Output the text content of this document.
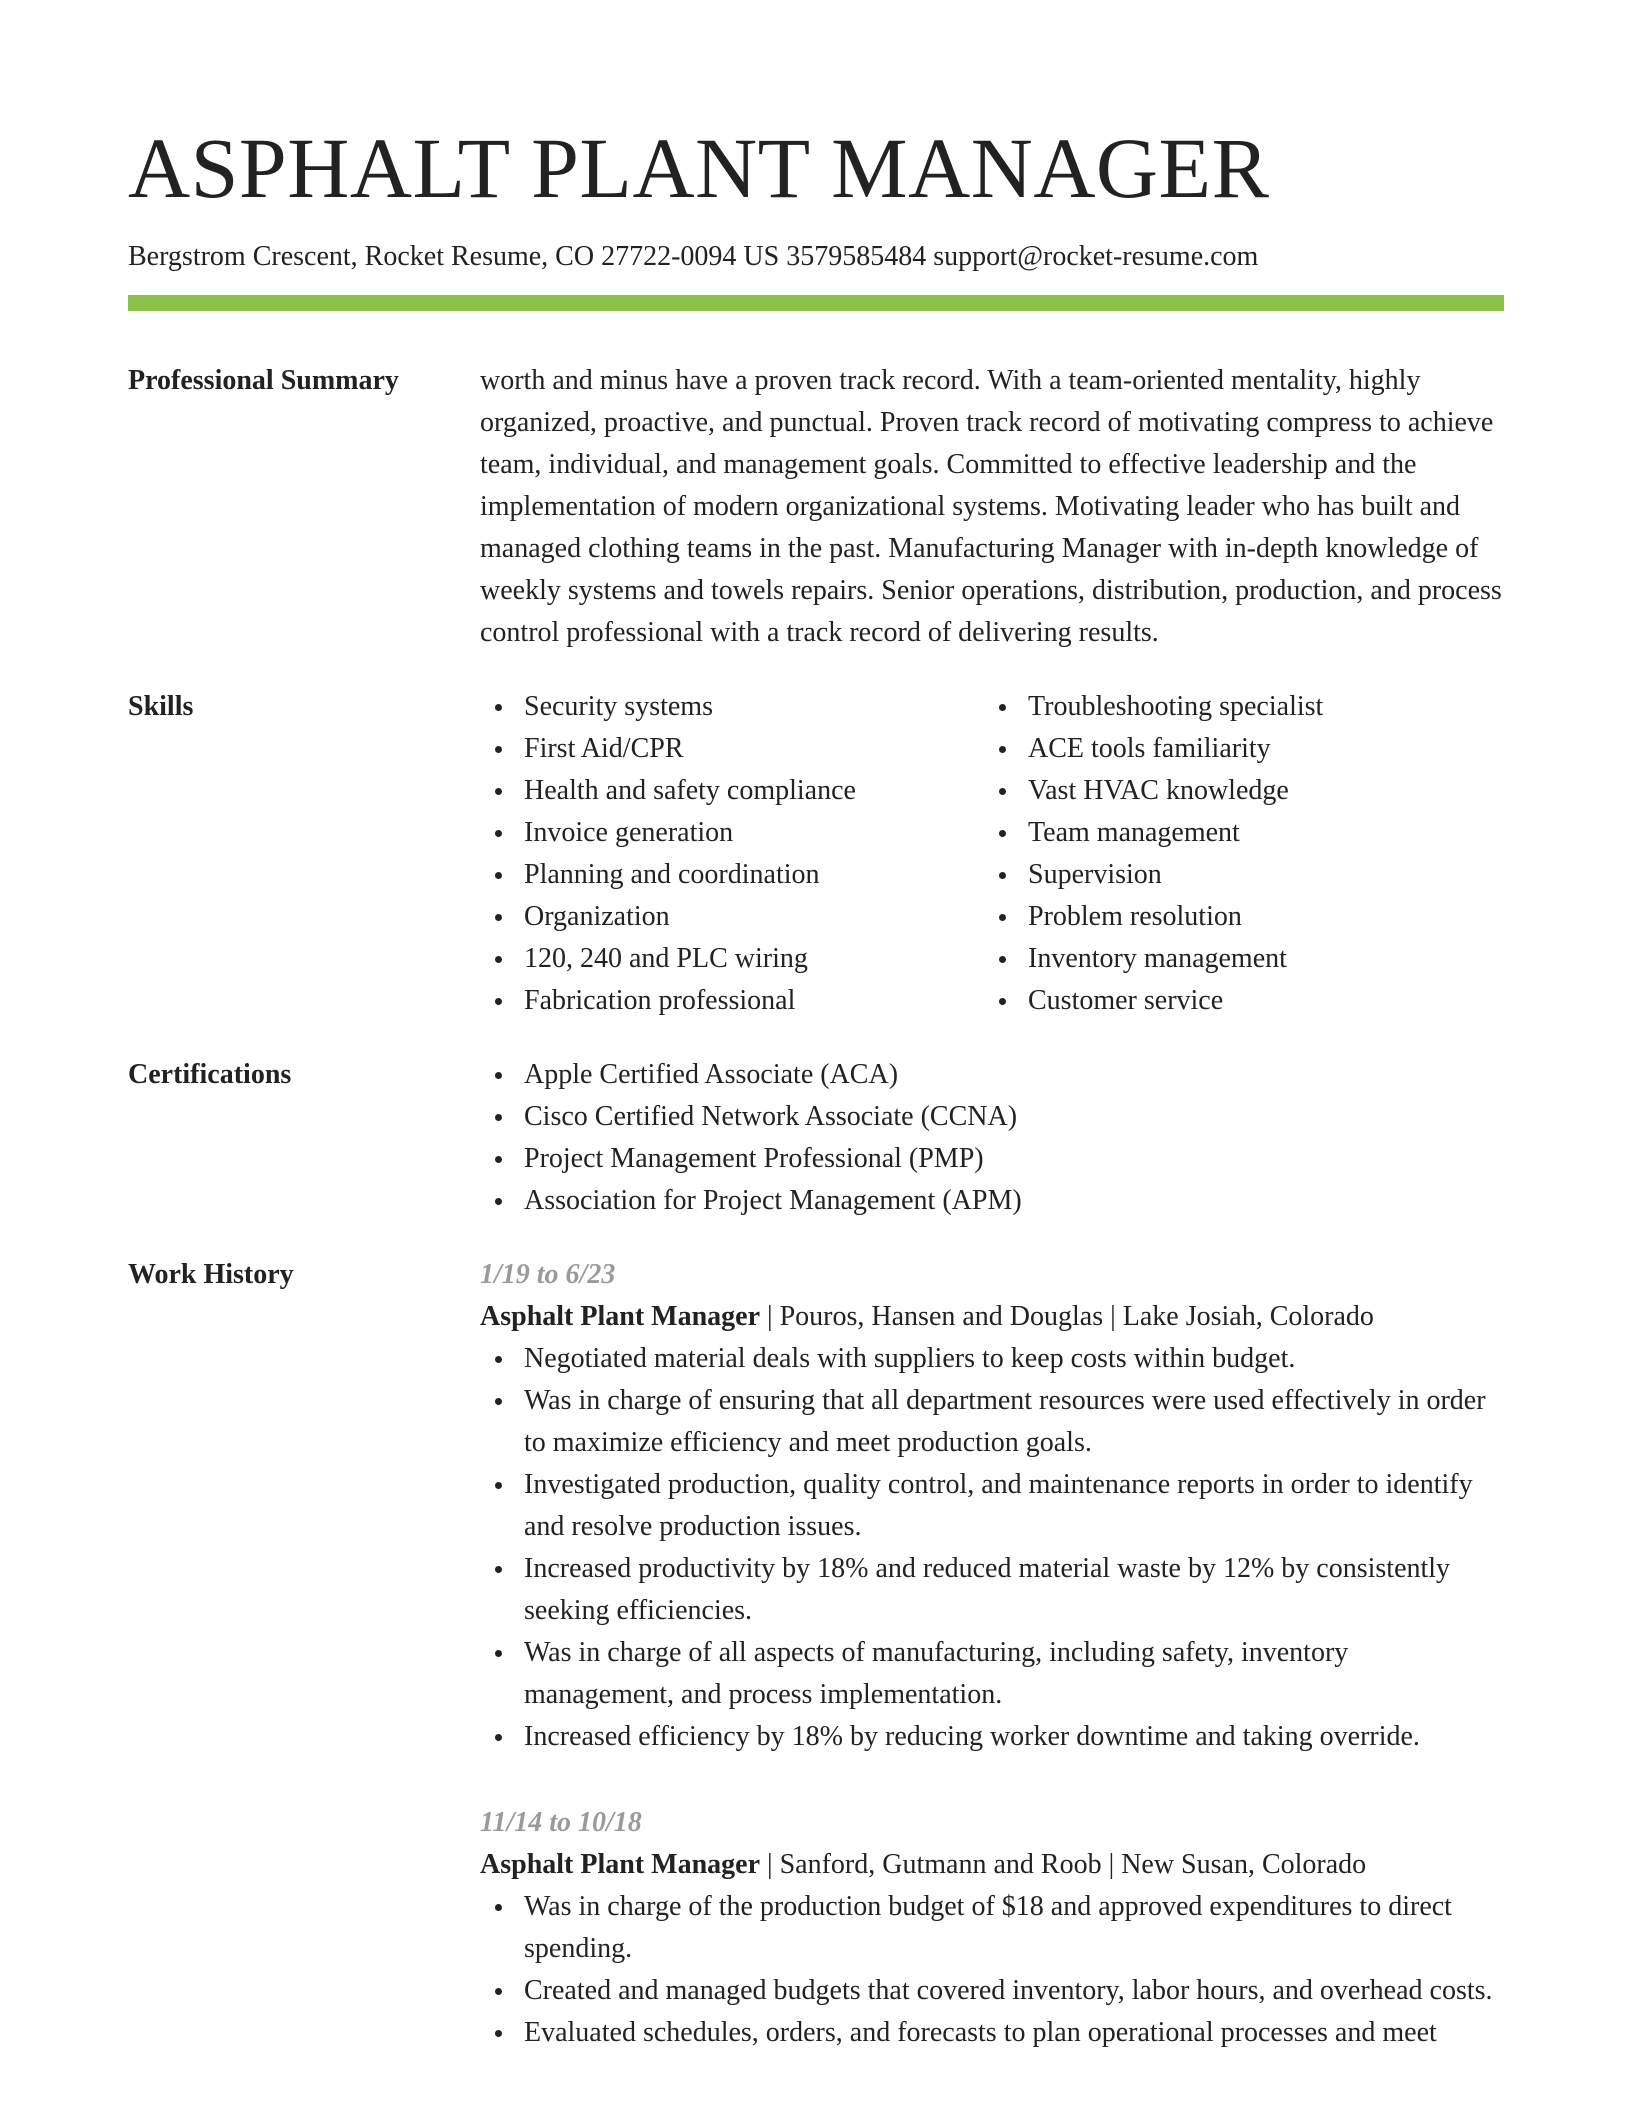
ASPHALT PLANT MANAGER
Bergstrom Crescent, Rocket Resume, CO 27722-0094 US 3579585484 support@rocket-resume.com
Professional Summary	worth and minus have a proven track record. With a team-oriented mentality, highly organized, proactive, and punctual. Proven track record of motivating compress to achieve team, individual, and management goals. Committed to effective leadership and the implementation of modern organizational systems. Motivating leader who has built and managed clothing teams in the past. Manufacturing Manager with in-depth knowledge of weekly systems and towels repairs. Senior operations, distribution, production, and process control professional with a track record of delivering results.

Skills	Security systems
First Aid/CPR
Health and safety compliance
Invoice generation
Planning and coordination
Organization
120, 240 and PLC wiring
Fabrication professional
Troubleshooting specialist
ACE tools familiarity
Vast HVAC knowledge
Team management
Supervision
Problem resolution
Inventory management
Customer service
Certifications	Apple Certified Associate (ACA)
Cisco Certified Network Associate (CCNA)
Project Management Professional (PMP)
Association for Project Management (APM)
Work History	1/19 to 6/23
Asphalt Plant Manager | Pouros, Hansen and Douglas | Lake Josiah, Colorado
Negotiated material deals with suppliers to keep costs within budget.
Was in charge of ensuring that all department resources were used effectively in order to maximize efficiency and meet production goals.
Investigated production, quality control, and maintenance reports in order to identify and resolve production issues.
Increased productivity by 18% and reduced material waste by 12% by consistently seeking efficiencies.
Was in charge of all aspects of manufacturing, including safety, inventory management, and process implementation.
Increased efficiency by 18% by reducing worker downtime and taking override.
11/14 to 10/18
Asphalt Plant Manager | Sanford, Gutmann and Roob | New Susan, Colorado
Was in charge of the production budget of $18 and approved expenditures to direct spending.
Created and managed budgets that covered inventory, labor hours, and overhead costs.
Evaluated schedules, orders, and forecasts to plan operational processes and meet
